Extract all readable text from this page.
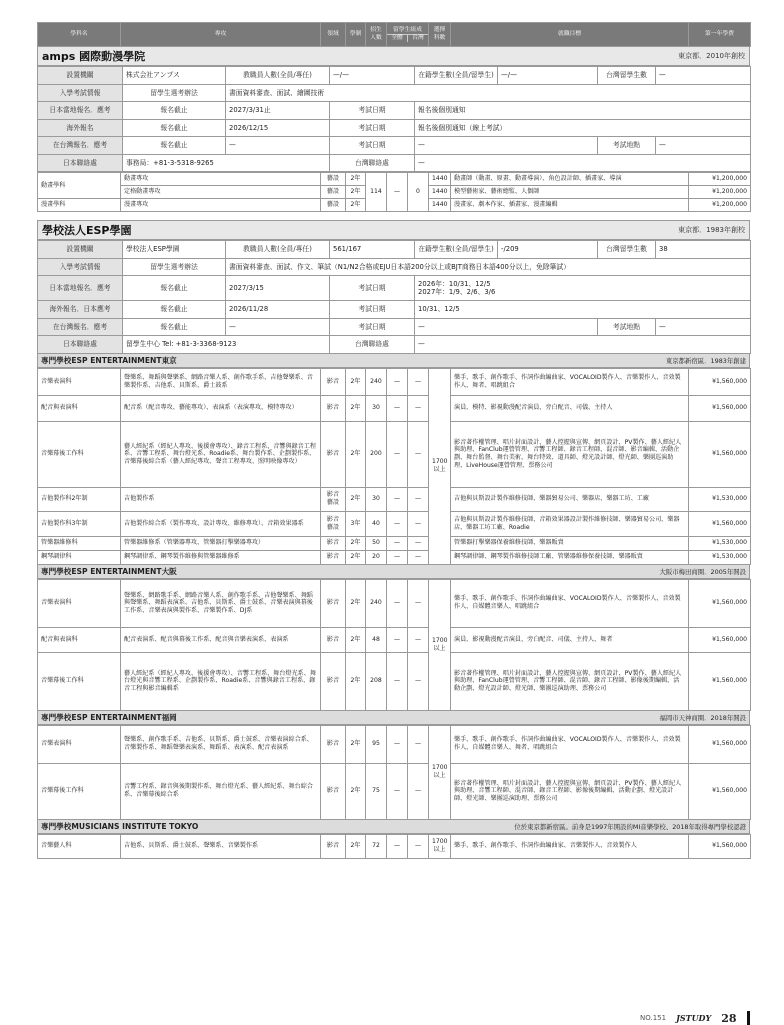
學科名	專攻	領域	學制	招生人數	
留學生組成
全體	台灣
	選擇科數	就職目標	第一年學費
amps 國際動漫學院	東京都．2010年創校
設置機關	株式会社アンプス	教職員人數(全員/專任)	—/—	在籍學生數(全員/留學生)	—/—	台灣留學生數	—
入學考試情報	留學生選考辦法	書面資料審查、面試、繪圖技術					
日本當地報名．應考	報名截止	2027/3/31止	考試日期	報名後個別通知			
海外報名	報名截止	2026/12/15	考試日期	報名後個別通知（線上考試）			
在台灣報名．應考	報名截止	—	考試日期	—		考試地點	—
日本聯絡處	事務局：+81-3-5318-9265		台灣聯絡處	—			
動畫學科	動畫專攻	藝設	2年	114	—	0	1440	動畫師（動畫、原畫、動畫導演）、角色設計師、插畫家、導演	¥1,200,000
	定格動畫專攻	藝設	2年				1440	模型藝術家、藝術總監、人偶師	¥1,200,000
漫畫學科	漫畫專攻	藝設	2年				1440	漫畫家、劇本作家、插畫家、漫畫編輯	¥1,200,000
學校法人ESP學園	東京都．1983年創校
設置機關	學校法人ESP學園	教職員人數(全員/專任)	561/167	在籍學生數(全員/留學生)	-/209	台灣留學生數	38
入學考試情報	留學生選考辦法	書面資料審查、面試、作文、筆試（N1/N2合格或EJU日本語200分以上或BJT商務日本語400分以上，免除筆試）					
日本當地報名．應考	報名截止	2027/3/15	考試日期	2026年：10/31、12/5
2027年：1/9、2/6、3/6			

海外報名．日本應考	報名截止	2026/11/28	考試日期	10/31、12/5			
在台灣報名．應考	報名截止	—	考試日期	—		考試地點	—
日本聯絡處	留學生中心 Tel: +81-3-3368-9123		台灣聯絡處	—			
專門學校ESP ENTERTAINMENT東京	東京都新宿區．1983年創建
音樂表演科	聲樂系、舞蹈與聲樂系、網路音樂人系、創作歌手系、吉他聲樂系、音樂製作系、吉他系、貝斯系、爵士鼓系	影音	2年	240	—	—	1700以上	樂手、歌手、創作歌手、作詞作曲編曲家、VOCALOID製作人、音樂製作人、音效製作人、舞者、唱跳組合	¥1,560,000
配音與表演科	配音系（配音專攻、藝能專攻）、表演系（表演專攻、模特專攻）	影音	2年	30	—	—		演員、模特、影視動漫配音演員、旁白配音、司儀、主持人	¥1,560,000
音樂幕後工作科	藝人經紀系（經紀人專攻、後援會專攻）、錄音工程系、音響與錄音工程系、音響工程系、舞台燈光系、Roadie系、舞台製作系、企劃製作系、音樂幕後綜合系（藝人經紀專攻、聲音工程專攻、照明映像專攻）	影音	2年	200	—	—		影音著作權管理、唱片封面設計、藝人控握與宣傳、網頁設計、PV製作、藝人經紀人與助理、FanClub運營管理、音響工程師、錄音工程師、混音師、影音編輯、活動企劃、舞台監督、舞台美術、舞台特效、道具師、燈光設計師、燈光師、樂團巡演助理、LiveHouse運營管理、票務公司	¥1,560,000
吉他製作科2年制	吉他製作系	影音藝設	2年	30	—	—		吉他與貝斯設計製作維修技師、樂器貿易公司、樂器店、樂器工坊、工廠	¥1,530,000
吉他製作科3年制	吉他製作綜合系（製作專攻、設計專攻、維修專攻）、音箱效果器系	影音藝設	3年	40	—	—		吉他與貝斯設計製作維修技師、音箱效果器設計製作維修技師、樂器貿易公司、樂器店、樂器工坊工廠、Roadie	¥1,560,000
管樂器維修科	管樂器維修系（管樂器專攻、管樂器打擊樂器專攻）	影音	2年	50	—	—		管樂器打擊樂器保養維修技師、樂器販賣	¥1,530,000
鋼琴調律科	鋼琴調律系、鋼琴製作維修與管樂器維修系	影音	2年	20	—	—		鋼琴調律師、鋼琴製作維修技師工廠、管樂器維修保養技師、樂器販賣	¥1,530,000
專門學校ESP ENTERTAINMENT大阪	大阪市梅田商圈．2005年開設
音樂表演科	聲樂系、網路歌手系、網路音樂人系、創作歌手系、吉他聲樂系、舞蹈與聲樂系、舞蹈表演系、吉他系、貝斯系、爵士鼓系、音樂表演與幕後工作系、音樂表演與製作系、音樂製作系、DJ系	影音	2年	240	—	—	1700以上	樂手、歌手、創作歌手、作詞作曲編曲家、VOCALOID製作人、音樂製作人、音效製作人、自媒體音樂人、唱跳組合	¥1,560,000
配音與表演科	配音表演系、配音與幕後工作系、配音與音樂表演系、表演系	影音	2年	48	—	—		演員、影視動漫配音演員、旁白配音、司儀、主持人、舞者	¥1,560,000
音樂幕後工作科	藝人經紀系（經紀人專攻、後援會專攻）、音響工程系、舞台燈光系、舞台燈光與音響工程系、企劃製作系、Roadie系、音響與錄音工程系、錄音工程與影音編輯系	影音	2年	208	—	—		影音著作權管理、唱片封面設計、藝人控握與宣傳、網頁設計、PV製作、藝人經紀人與助理、FanClub運營管理、音響工程師、混音師、錄音工程師、影像後期編輯、活動企劃、燈光設計師、燈光師、樂團巡演助理、票務公司	¥1,560,000
專門學校ESP ENTERTAINMENT福岡	福岡市天神商圈．2018年開設
音樂表演科	聲樂系、創作歌手系、吉他系、貝斯系、爵士鼓系、音樂表演綜合系、音樂製作系、舞蹈聲樂表演系、舞蹈系、表演系、配音表演系	影音	2年	95	—	—	1700以上	樂手、歌手、創作歌手、作詞作曲編曲家、VOCALOID製作人、音樂製作人、音效製作人、自媒體音樂人、舞者、唱跳組合	¥1,560,000
音樂幕後工作科	音響工程系、錄音與後期製作系、舞台燈光系、藝人經紀系、舞台綜合系、音樂幕後綜合系	影音	2年	75	—	—		影音著作權管理、唱片封面設計、藝人控握與宣傳、網頁設計、PV製作、藝人經紀人與助理、音響工程師、混音師、錄音工程師、影像後期編輯、活動企劃、燈光設計師、燈光師、樂團巡演助理、票務公司	¥1,560,000
專門學校MUSICIANS INSTITUTE TOKYO	位於東京都新宿區。前身是1997年開設的MI音樂學校、2018年取得專門學校認證
音樂藝人科	吉他系、貝斯系、爵士鼓系、聲樂系、音樂製作系	影音	2年	72	—	—	1700以上	樂手、歌手、創作歌手、作詞作曲編曲家、音樂製作人、音效製作人	¥1,560,000
NO.151 JSTUDY 28
